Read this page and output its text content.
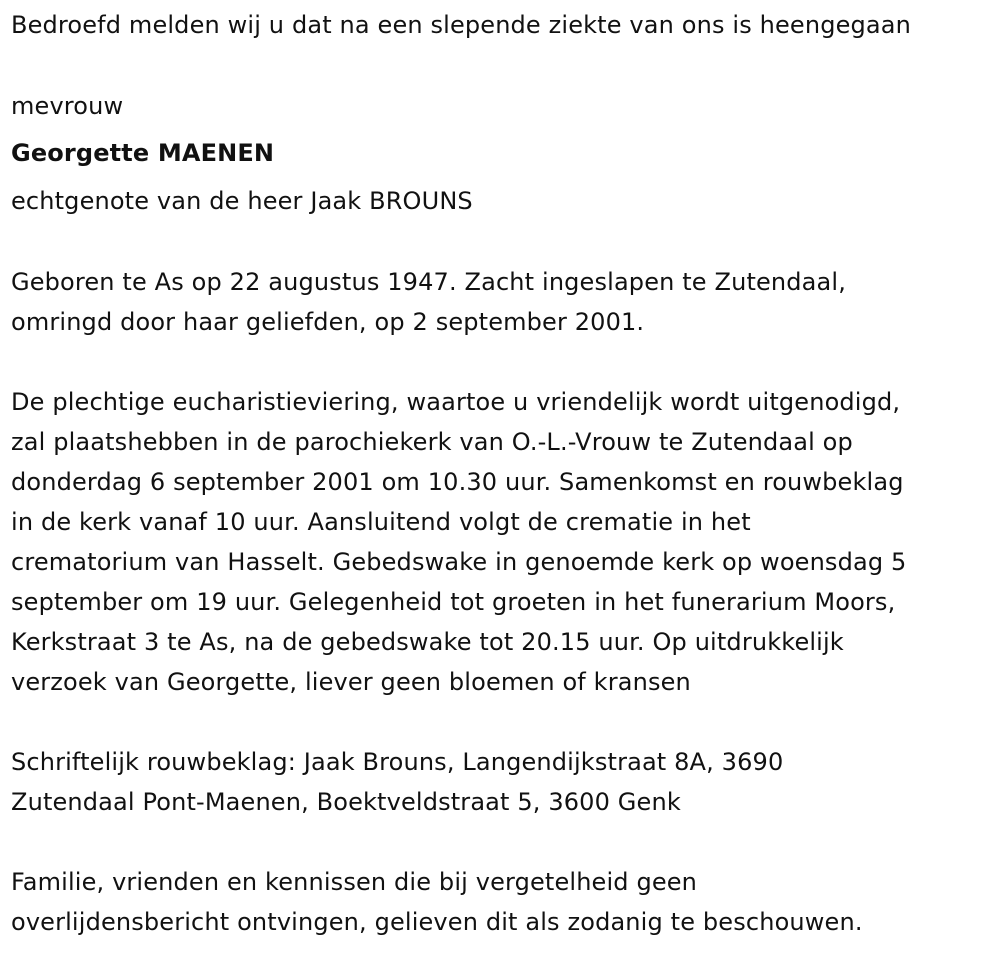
Bedroefd melden wij u dat na een slepende ziekte van ons is heengegaan

mevrouw

Georgette MAENEN

echtgenote van de heer Jaak BROUNS

Geboren te As op 22 augustus 1947. Zacht ingeslapen te Zutendaal,

omringd door haar geliefden, op 2 september 2001.

De plechtige eucharistieviering, waartoe u vriendelijk wordt uitgenodigd,

zal plaatshebben in de parochiekerk van O.-L.-Vrouw te Zutendaal op

donderdag 6 september 2001 om 10.30 uur. Samenkomst en rouwbeklag

in de kerk vanaf 10 uur. Aansluitend volgt de crematie in het

crematorium van Hasselt. Gebedswake in genoemde kerk op woensdag 5

september om 19 uur. Gelegenheid tot groeten in het funerarium Moors,

Kerkstraat 3 te As, na de gebedswake tot 20.15 uur. Op uitdrukkelijk

verzoek van Georgette, liever geen bloemen of kransen

Schriftelijk rouwbeklag: Jaak Brouns, Langendijkstraat 8A, 3690

Zutendaal Pont-Maenen, Boektveldstraat 5, 3600 Genk

Familie, vrienden en kennissen die bij vergetelheid geen

overlijdensbericht ontvingen, gelieven dit als zodanig te beschouwen.
